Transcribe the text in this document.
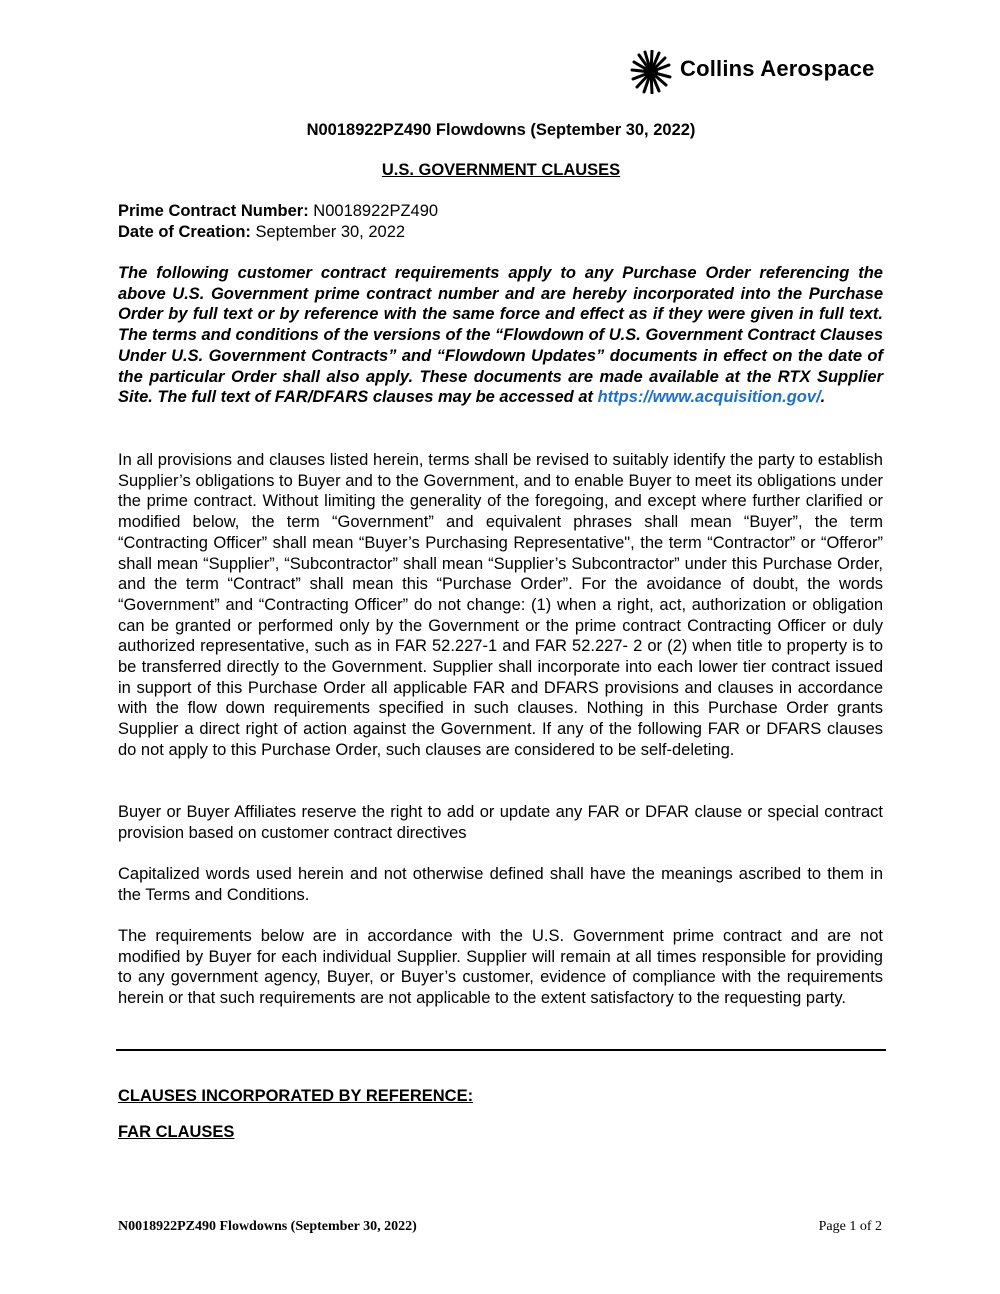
Collins Aerospace
N0018922PZ490 Flowdowns (September 30, 2022)
U.S. GOVERNMENT CLAUSES
Prime Contract Number: N0018922PZ490
Date of Creation: September 30, 2022
The following customer contract requirements apply to any Purchase Order referencing the above U.S. Government prime contract number and are hereby incorporated into the Purchase Order by full text or by reference with the same force and effect as if they were given in full text. The terms and conditions of the versions of the “Flowdown of U.S. Government Contract Clauses Under U.S. Government Contracts” and “Flowdown Updates” documents in effect on the date of the particular Order shall also apply. These documents are made available at the RTX Supplier Site. The full text of FAR/DFARS clauses may be accessed at https://www.acquisition.gov/.
In all provisions and clauses listed herein, terms shall be revised to suitably identify the party to establish Supplier’s obligations to Buyer and to the Government, and to enable Buyer to meet its obligations under the prime contract. Without limiting the generality of the foregoing, and except where further clarified or modified below, the term “Government” and equivalent phrases shall mean “Buyer”, the term “Contracting Officer” shall mean “Buyer’s Purchasing Representative", the term “Contractor” or “Offeror” shall mean “Supplier”, “Subcontractor” shall mean “Supplier’s Subcontractor” under this Purchase Order, and the term “Contract” shall mean this “Purchase Order”. For the avoidance of doubt, the words “Government” and “Contracting Officer” do not change: (1) when a right, act, authorization or obligation can be granted or performed only by the Government or the prime contract Contracting Officer or duly authorized representative, such as in FAR 52.227-1 and FAR 52.227- 2 or (2) when title to property is to be transferred directly to the Government. Supplier shall incorporate into each lower tier contract issued in support of this Purchase Order all applicable FAR and DFARS provisions and clauses in accordance with the flow down requirements specified in such clauses. Nothing in this Purchase Order grants Supplier a direct right of action against the Government. If any of the following FAR or DFARS clauses do not apply to this Purchase Order, such clauses are considered to be self-deleting.
Buyer or Buyer Affiliates reserve the right to add or update any FAR or DFAR clause or special contract provision based on customer contract directives
Capitalized words used herein and not otherwise defined shall have the meanings ascribed to them in the Terms and Conditions.
The requirements below are in accordance with the U.S. Government prime contract and are not modified by Buyer for each individual Supplier. Supplier will remain at all times responsible for providing to any government agency, Buyer, or Buyer’s customer, evidence of compliance with the requirements herein or that such requirements are not applicable to the extent satisfactory to the requesting party.
CLAUSES INCORPORATED BY REFERENCE:
FAR CLAUSES
N0018922PZ490 Flowdowns (September 30, 2022)	Page 1 of 2
